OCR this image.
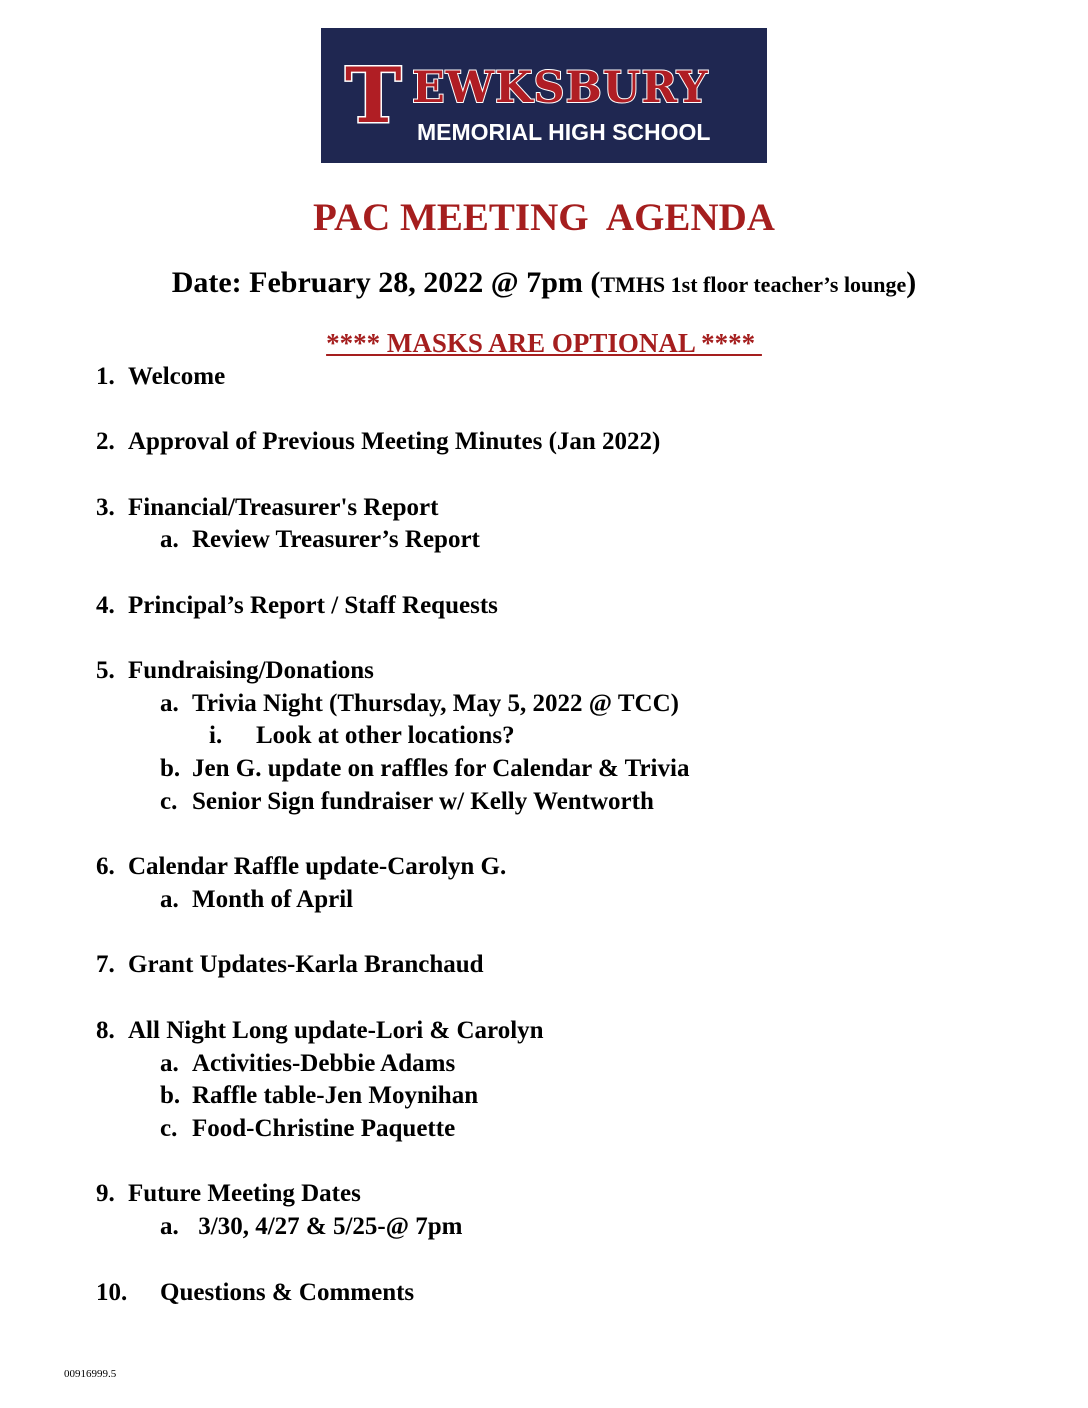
T EWKSBURY
MEMORIAL HIGH SCHOOL
PAC MEETING  AGENDA
Date: February 28, 2022 @ 7pm (TMHS 1st floor teacher’s lounge)
**** MASKS ARE OPTIONAL ****
1. Welcome
2. Approval of Previous Meeting Minutes (Jan 2022)
3. Financial/Treasurer's Report
a. Review Treasurer’s Report
4. Principal’s Report / Staff Requests
5. Fundraising/Donations
a. Trivia Night (Thursday, May 5, 2022 @ TCC)
i. Look at other locations?
b. Jen G. update on raffles for Calendar & Trivia
c. Senior Sign fundraiser w/ Kelly Wentworth
6. Calendar Raffle update-Carolyn G.
a. Month of April
7. Grant Updates-Karla Branchaud
8. All Night Long update-Lori & Carolyn
a. Activities-Debbie Adams
b. Raffle table-Jen Moynihan
c. Food-Christine Paquette
9. Future Meeting Dates
a. 3/30, 4/27 & 5/25-@ 7pm
10. Questions & Comments
00916999.5
